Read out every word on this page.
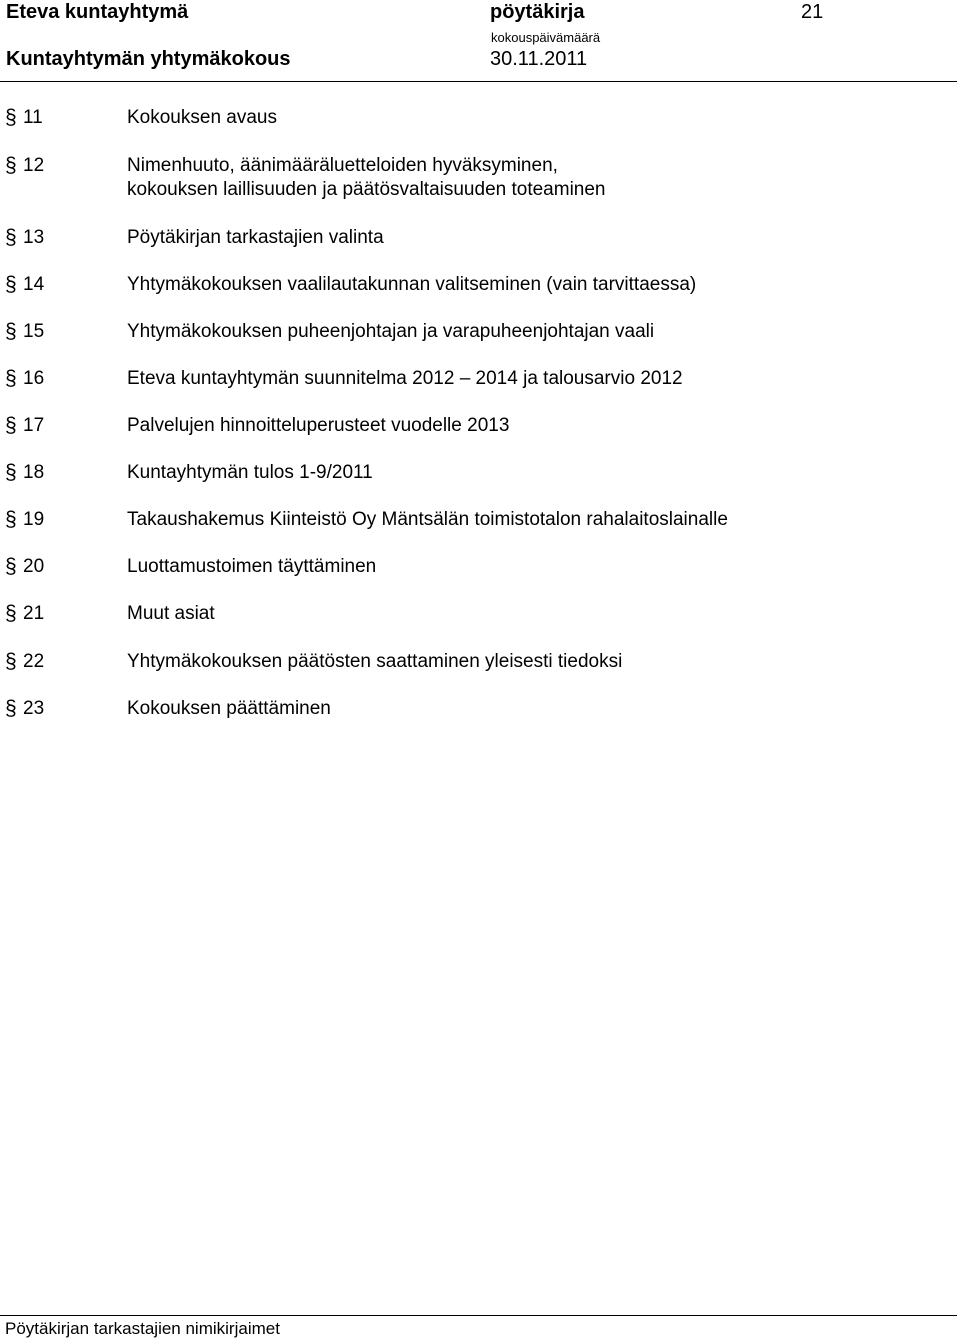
Eteva kuntayhtymä	pöytäkirja	21
Kuntayhtymän yhtymäkokous
kokouspäivämäärä
30.11.2011
§ 11	Kokouksen avaus
§ 12	Nimenhuuto, äänimääräluetteloiden hyväksyminen,
kokouksen laillisuuden ja päätösvaltaisuuden toteaminen
§ 13	Pöytäkirjan tarkastajien valinta
§ 14	Yhtymäkokouksen vaalilautakunnan valitseminen (vain tarvittaessa)
§ 15	Yhtymäkokouksen puheenjohtajan ja varapuheenjohtajan vaali
§ 16	Eteva kuntayhtymän suunnitelma 2012 – 2014 ja talousarvio 2012
§ 17	Palvelujen hinnoitteluperusteet vuodelle 2013
§ 18	Kuntayhtymän tulos 1-9/2011
§ 19	Takaushakemus Kiinteistö Oy Mäntsälän toimistotalon rahalaitoslainalle
§ 20	Luottamustoimen täyttäminen
§ 21	Muut asiat
§ 22	Yhtymäkokouksen päätösten saattaminen yleisesti tiedoksi
§ 23	Kokouksen päättäminen
Pöytäkirjan tarkastajien nimikirjaimet
